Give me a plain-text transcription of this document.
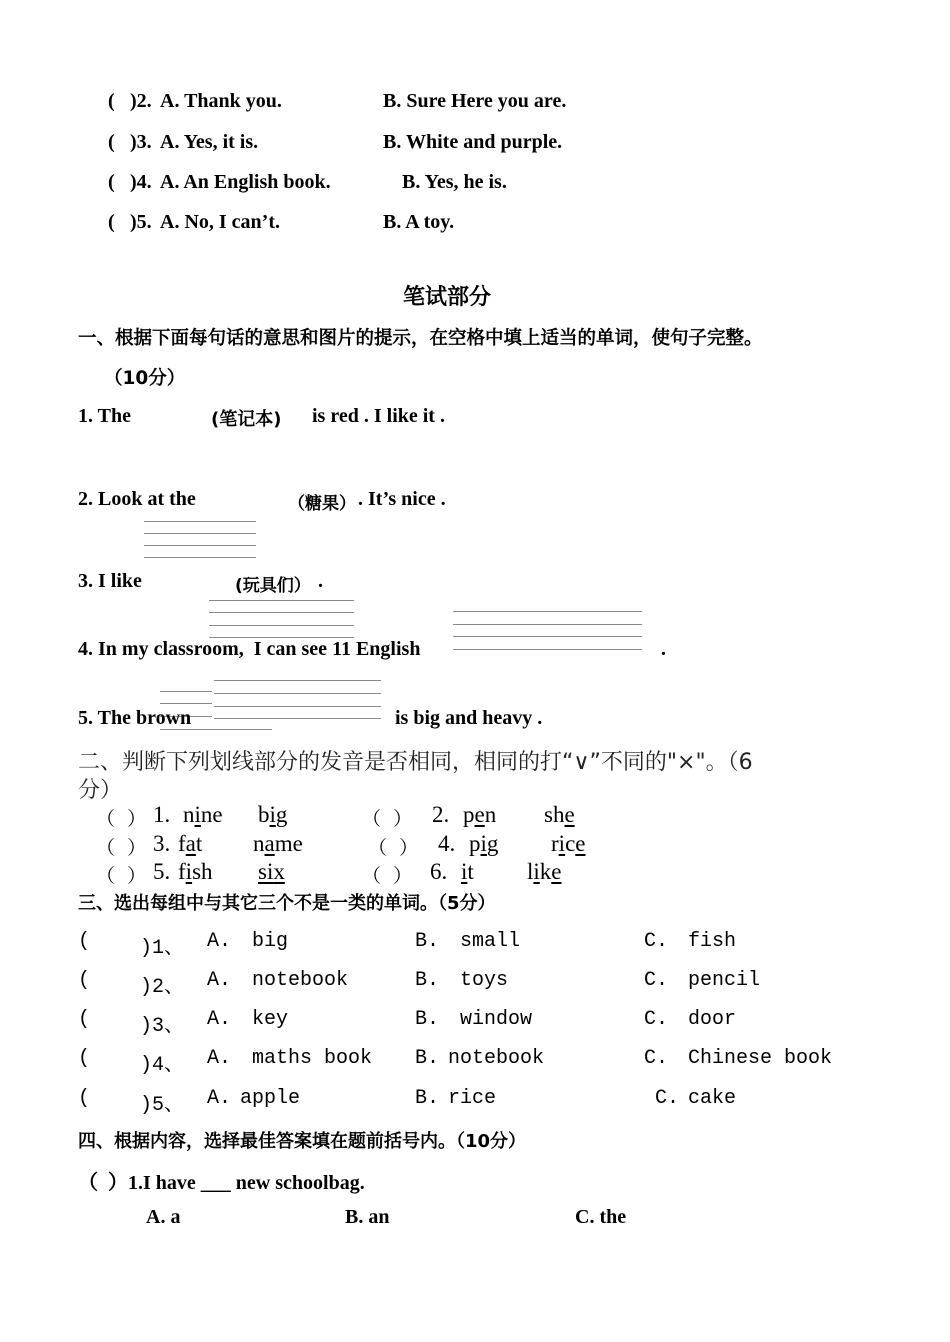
( )2. A. Thank you.	B. Sure Here you are.
( )3. A. Yes, it is.	B. White and purple.
( )4. A. An English book.	B. Yes, he is.
( )5. A. No, I can’t.	B. A toy.
笔试部分
一、根据下面每句话的意思和图片的提示，在空格中填上适当的单词，使句子完整。
（10分）
1. The	(笔记本) is red . I like it .
2. Look at the	（糖果） . It’s nice .
3. I like	(玩具们） .
4. In my classroom,  I can see 11 English	.
5. The brown	is big and heavy .
二、判断下列划线部分的发音是否相同，相同的打“∨”不同的"×"。（6
分）
（  ） 1. nine big	（  ） 2. pen she
（  ） 3. fat name	（  ） 4. pig rice
（  ） 5. fish six	（  ） 6. it like
三、选出每组中与其它三个不是一类的单词。（5分）
( )1、 A. big	B. small	C. fish
( )2、 A. notebook	B. toys	C. pencil
( )3、 A. key	B. window	C. door
( )4、 A. maths book B. notebook	C. Chinese book
( )5、 A. apple	B. rice	C. cake
四、根据内容，选择最佳答案填在题前括号内。（10分）
（  ）1.I have ___ new schoolbag.
A. a	B. an	C. the
